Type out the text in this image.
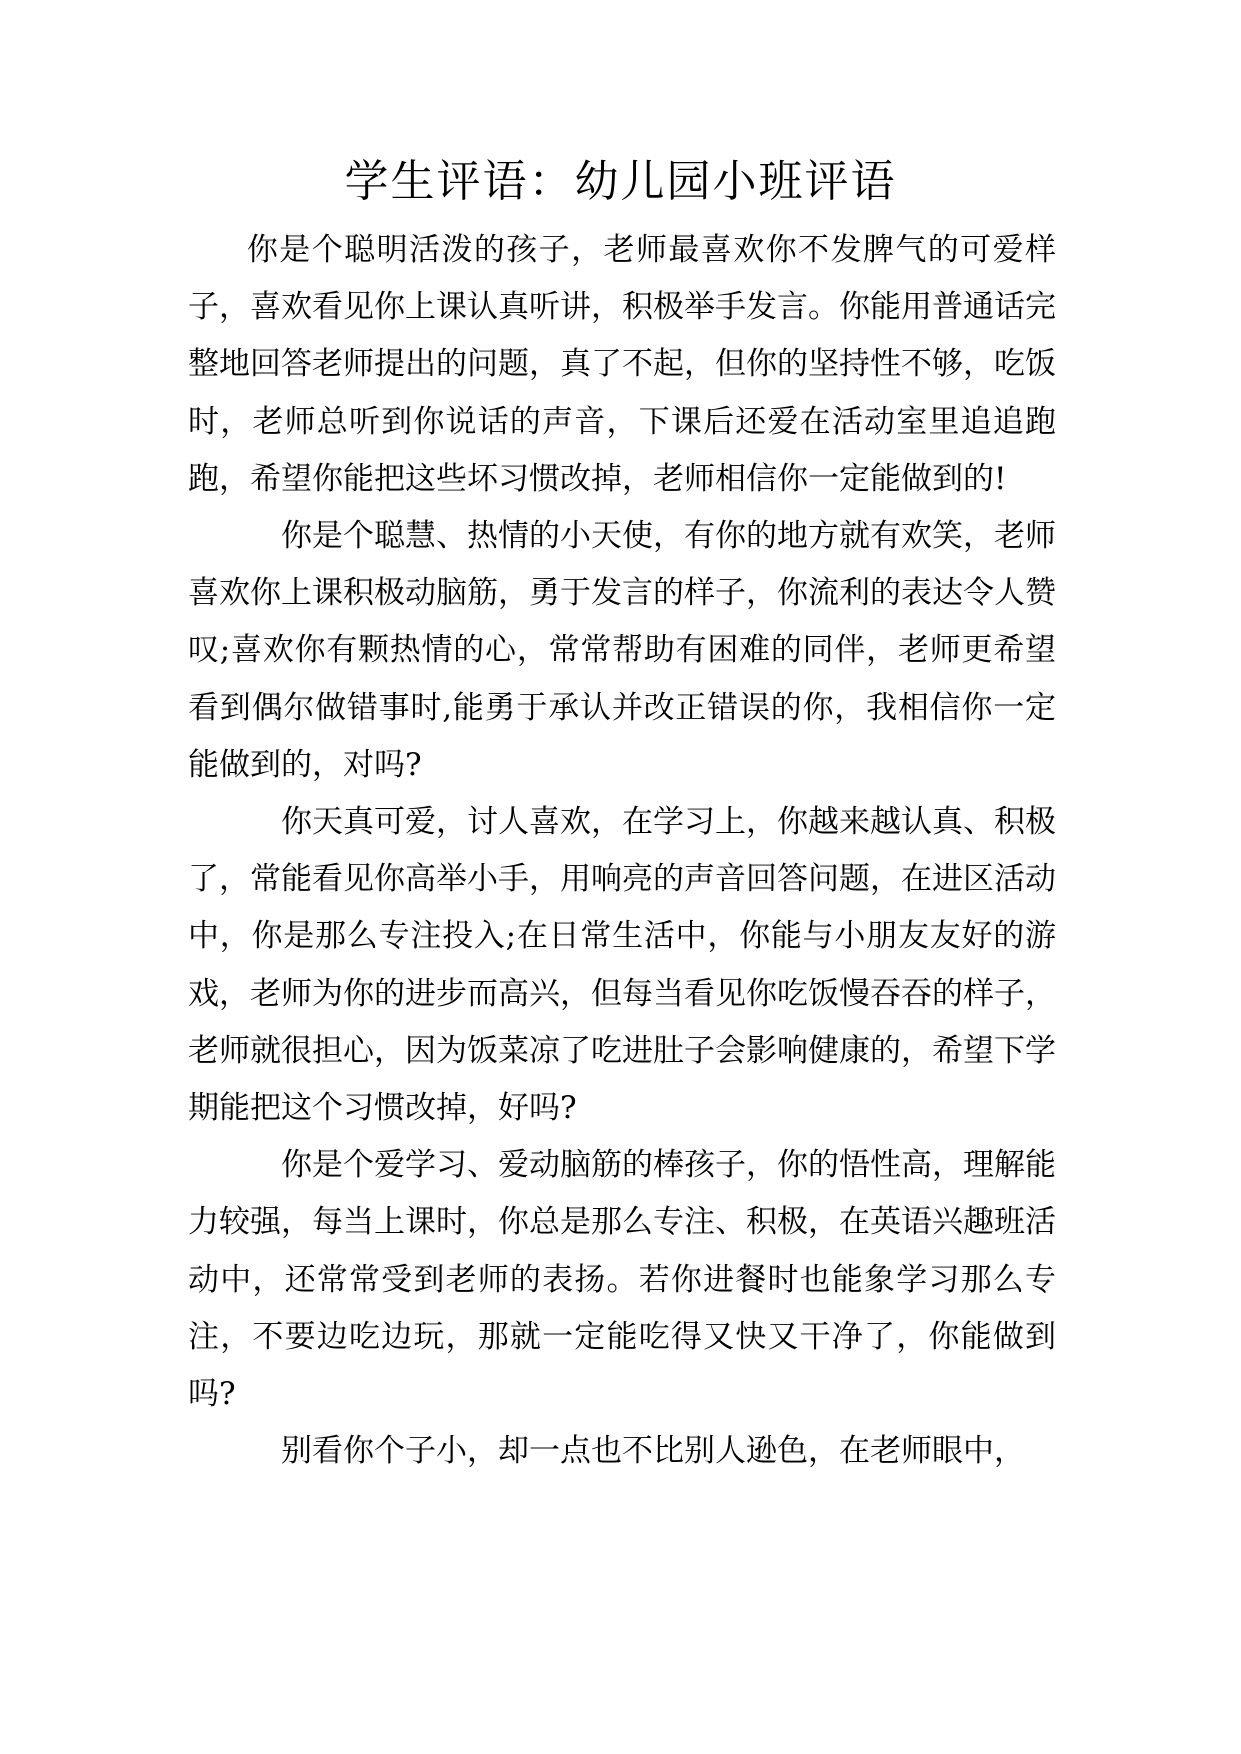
学生评语：幼儿园小班评语

你是个聪明活泼的孩子，老师最喜欢你不发脾气的可爱样子，喜欢看见你上课认真听讲，积极举手发言。你能用普通话完整地回答老师提出的问题，真了不起，但你的坚持性不够，吃饭时，老师总听到你说话的声音，下课后还爱在活动室里追追跑跑，希望你能把这些坏习惯改掉，老师相信你一定能做到的!

你是个聪慧、热情的小天使，有你的地方就有欢笑，老师喜欢你上课积极动脑筋，勇于发言的样子，你流利的表达令人赞叹;喜欢你有颗热情的心，常常帮助有困难的同伴，老师更希望看到偶尔做错事时,能勇于承认并改正错误的你，我相信你一定能做到的，对吗?

你天真可爱，讨人喜欢，在学习上，你越来越认真、积极了，常能看见你高举小手，用响亮的声音回答问题，在进区活动中，你是那么专注投入;在日常生活中，你能与小朋友友好的游戏，老师为你的进步而高兴，但每当看见你吃饭慢吞吞的样子，老师就很担心，因为饭菜凉了吃进肚子会影响健康的，希望下学期能把这个习惯改掉，好吗?

你是个爱学习、爱动脑筋的棒孩子，你的悟性高，理解能力较强，每当上课时，你总是那么专注、积极，在英语兴趣班活动中，还常常受到老师的表扬。若你进餐时也能象学习那么专注，不要边吃边玩，那就一定能吃得又快又干净了，你能做到吗?

别看你个子小，却一点也不比别人逊色，在老师眼中，
